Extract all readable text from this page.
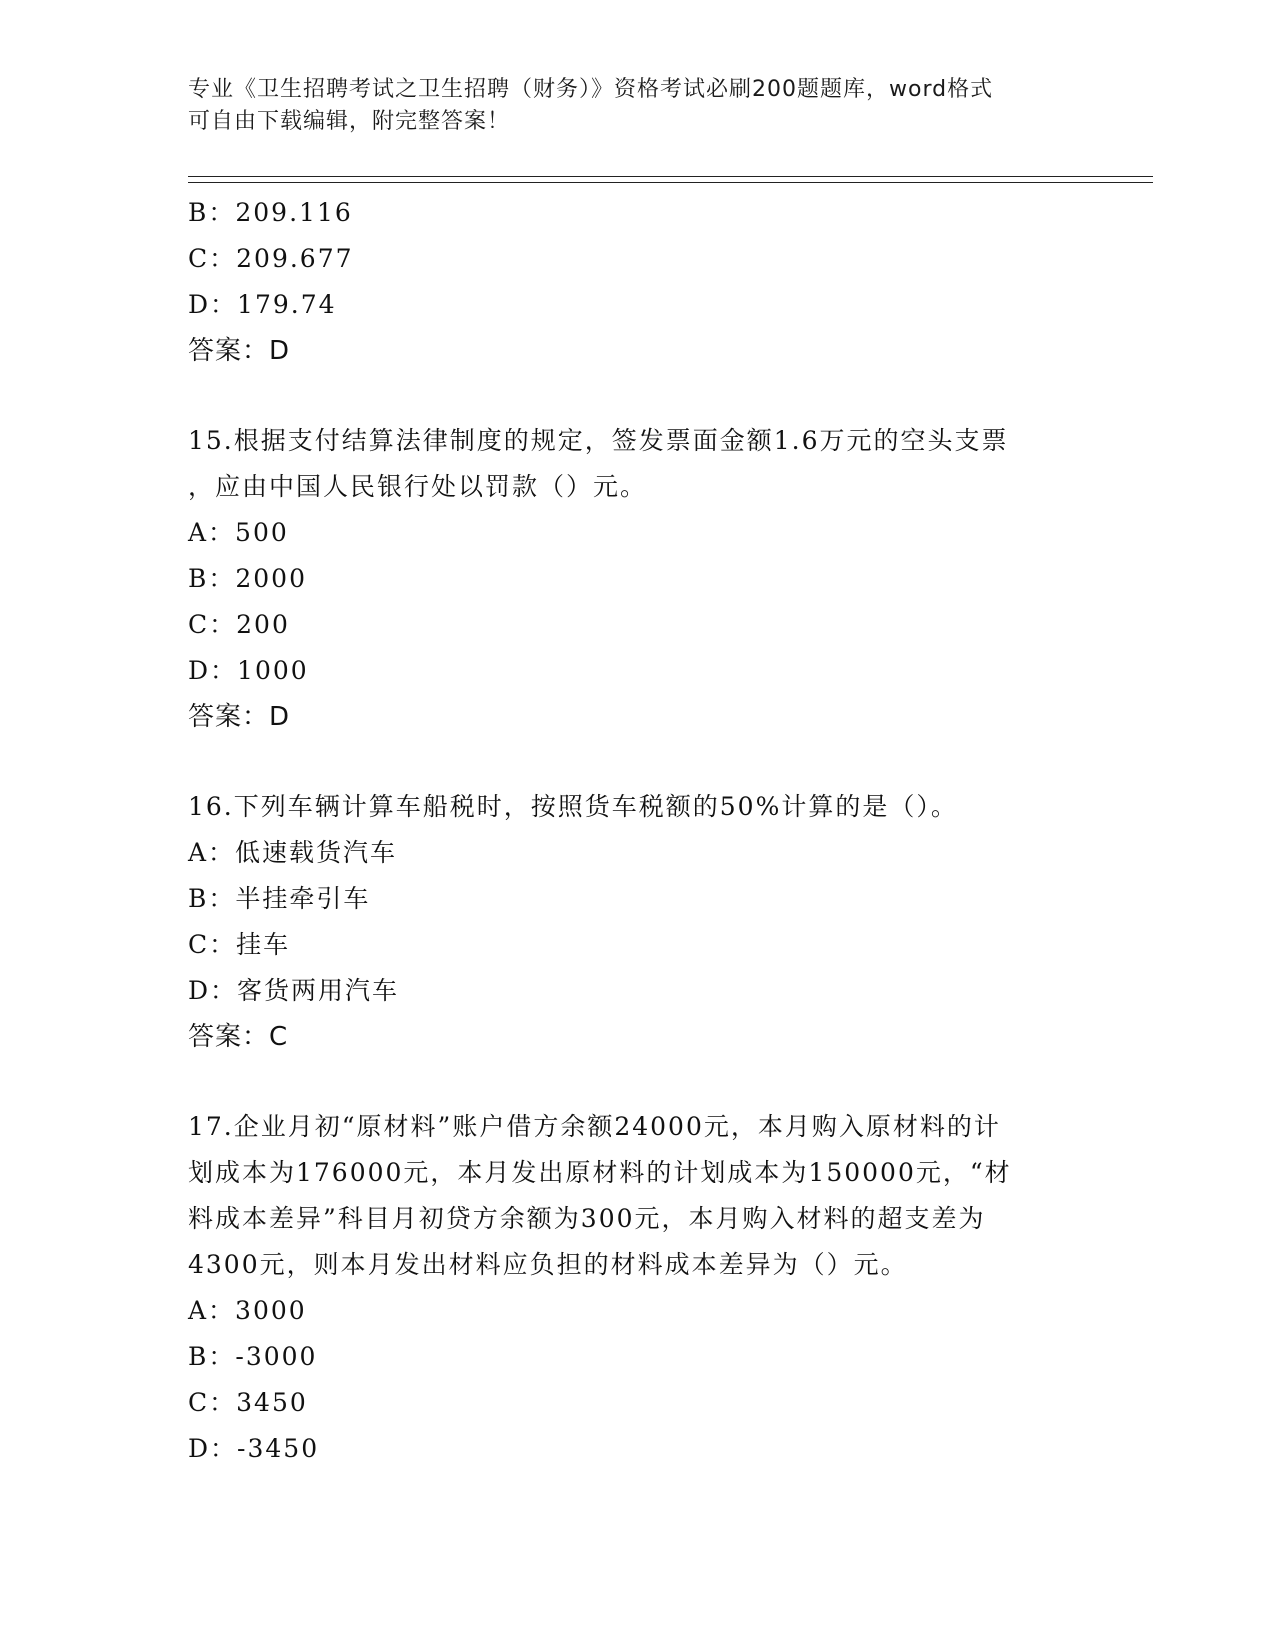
专业《卫生招聘考试之卫生招聘（财务）》资格考试必刷200题题库，word格式
可自由下载编辑，附完整答案！
B：209.116
C：209.677
D：179.74
答案：D
15.根据支付结算法律制度的规定，签发票面金额1.6万元的空头支票
，应由中国人民银行处以罚款（）元。
A：500
B：2000
C：200
D：1000
答案：D
16.下列车辆计算车船税时，按照货车税额的50%计算的是（）。
A：低速载货汽车
B：半挂牵引车
C：挂车
D：客货两用汽车
答案：C
17.企业月初“原材料”账户借方余额24000元，本月购入原材料的计
划成本为176000元，本月发出原材料的计划成本为150000元，“材
料成本差异”科目月初贷方余额为300元，本月购入材料的超支差为
4300元，则本月发出材料应负担的材料成本差异为（）元。
A：3000
B：-3000
C：3450
D：-3450
